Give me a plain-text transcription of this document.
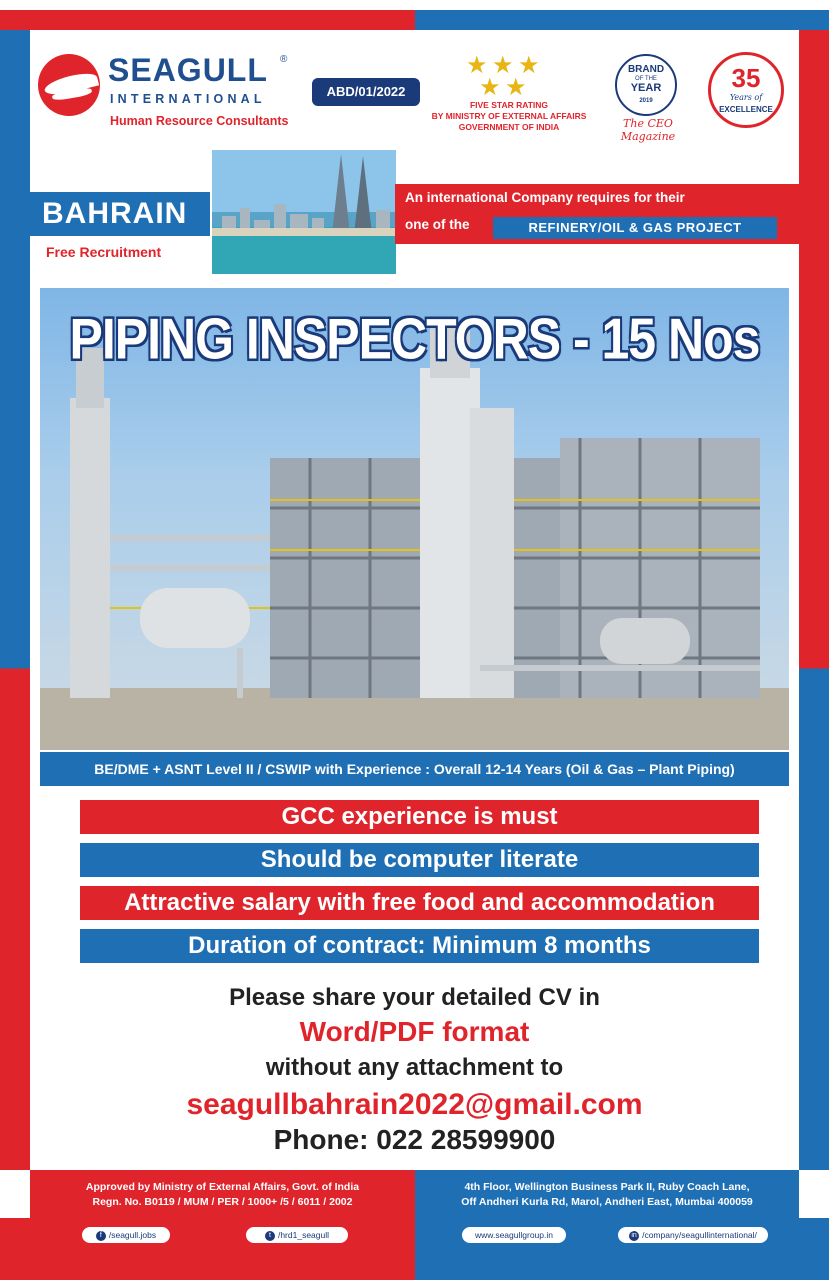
SEAGULL ®
INTERNATIONAL
Human Resource Consultants
ABD/01/2022
★ ★ ★
★ ★
FIVE STAR RATING
BY MINISTRY OF EXTERNAL AFFAIRS
GOVERNMENT OF INDIA
BRAND
OF THE
YEAR
2019
The CEO Magazine
35
Years of
EXCELLENCE
BAHRAIN
Free Recruitment
An international Company requires for their
one of the	REFINERY/OIL & GAS PROJECT
PIPING INSPECTORS - 15 Nos
BE/DME + ASNT Level II / CSWIP with Experience : Overall 12-14 Years (Oil & Gas – Plant Piping)
GCC experience is must
Should be computer literate
Attractive salary with free food and accommodation
Duration of contract: Minimum 8 months
Please share your detailed CV in
Word/PDF format
without any attachment to
seagullbahrain2022@gmail.com
Phone: 022 28599900
Approved by Ministry of External Affairs, Govt. of India
Regn. No. B0119 / MUM / PER / 1000+ /5 / 6011 / 2002
4th Floor, Wellington Business Park II, Ruby Coach Lane,
Off Andheri Kurla Rd, Marol, Andheri East, Mumbai 400059
f /seagull.jobs	t /hrd1_seagull	www.seagullgroup.in	in /company/seagullinternational/
